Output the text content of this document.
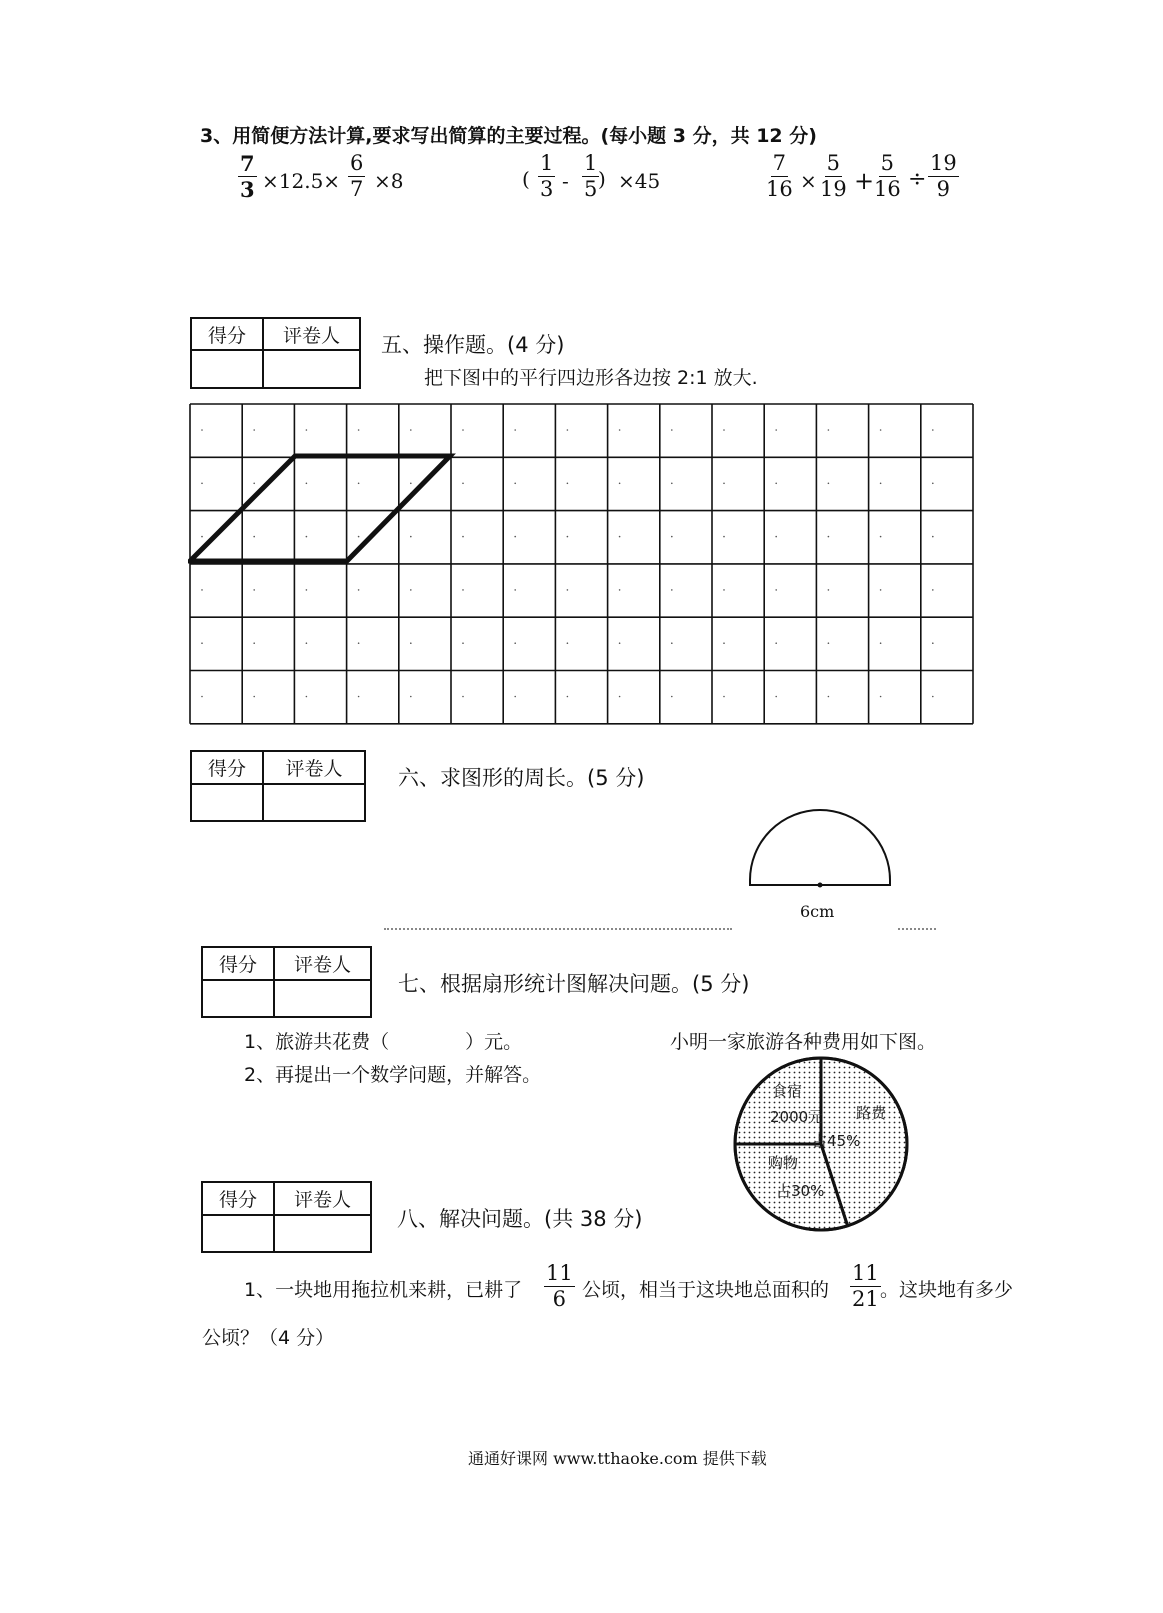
3、用简便方法计算,要求写出简算的主要过程。(每小题 3 分，共 12 分)
$\frac{7}{3} \times 12.5\times \frac{6}{7} \times 8$	( $\frac{1}{3} - \frac{1}{5}$
) ×45	$\frac{7}{16} \times \frac{5}{19} + \frac{5}{16} \div \frac{19}{9}$
得分	评卷人
	五、操作题。(4 分)
把下图中的平行四边形各边按 2:1 放大.
得分	评卷人
		六、求图形的周长。(5 分)
6cm
得分	评卷人

七、根据扇形统计图解决问题。(5 分)
1、旅游共花费（　　　　）元。
2、再提出一个数学问题，并解答。
小明一家旅游各种费用如下图。
路费
占45%
购物
占30%
食宿
2000元
得分	评卷人

八、解决问题。(共 38 分)
1、一块地用拖拉机来耕，已耕了 $\frac{11}{6}$ 公顷，相当于这块地总面积的 $\frac{11}{21}$ 。这块地有多少
公顷？（4 分）
通通好课网 www.tthaoke.com 提供下载
